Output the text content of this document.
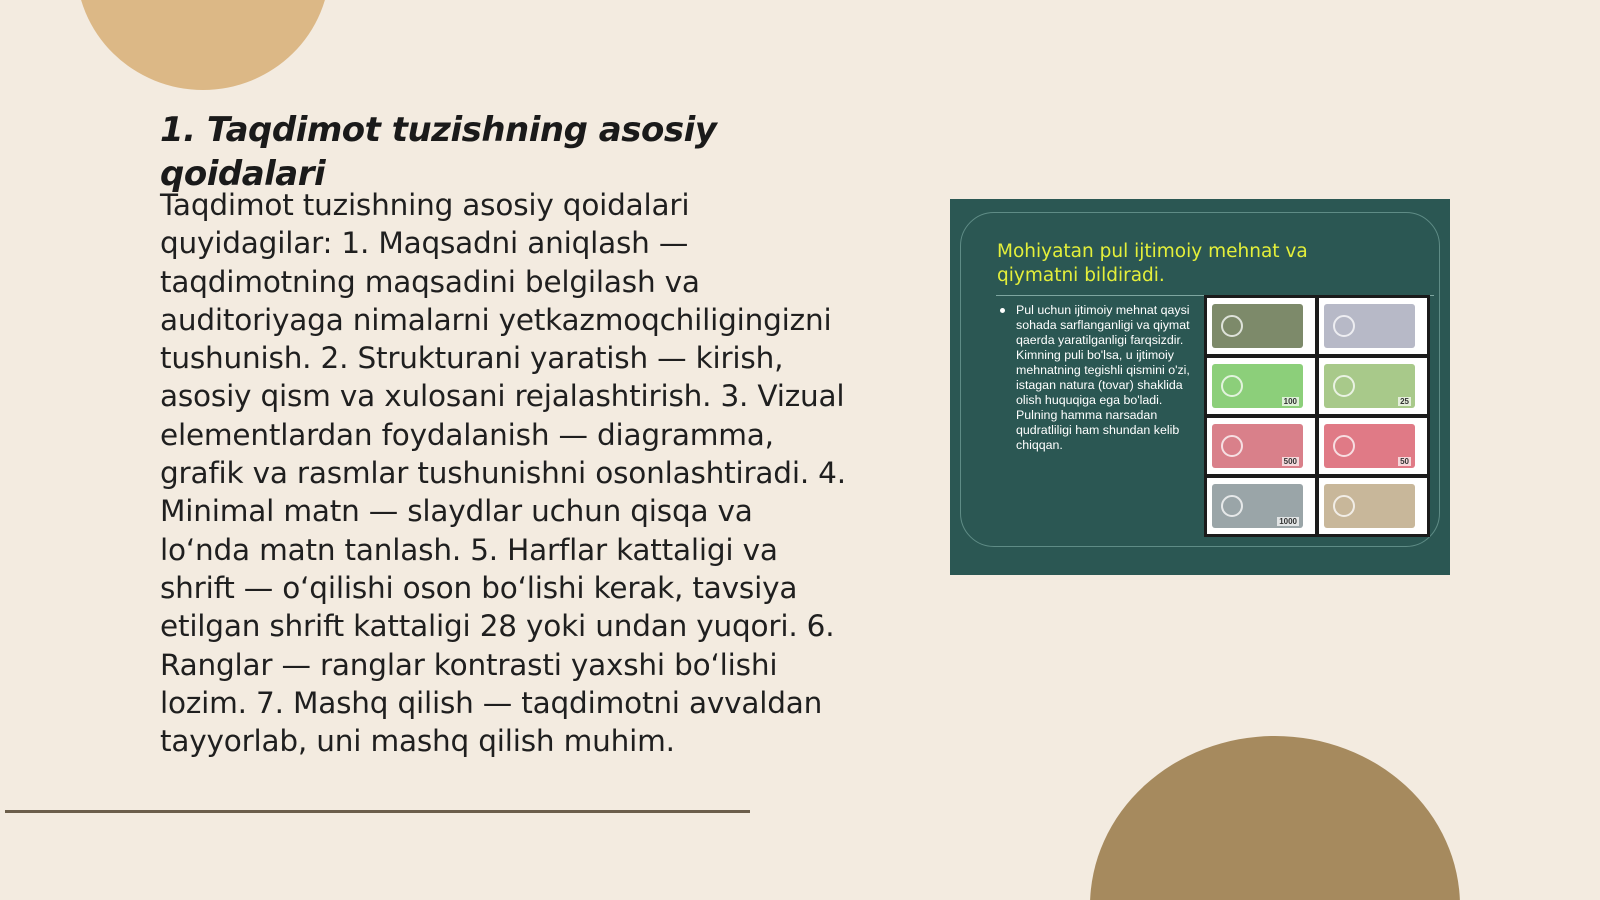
1. Taqdimot tuzishning asosiy qoidalari

Taqdimot tuzishning asosiy qoidalari quyidagilar: 1. Maqsadni aniqlash — taqdimotning maqsadini belgilash va auditoriyaga nimalarni yetkazmoqchiligingizni tushunish. 2. Strukturani yaratish — kirish, asosiy qism va xulosani rejalashtirish. 3. Vizual elementlardan foydalanish — diagramma, grafik va rasmlar tushunishni osonlashtiradi. 4. Minimal matn — slaydlar uchun qisqa va lo‘nda matn tanlash. 5. Harflar kattaligi va shrift — o‘qilishi oson bo‘lishi kerak, tavsiya etilgan shrift kattaligi 28 yoki undan yuqori. 6. Ranglar — ranglar kontrasti yaxshi bo‘lishi lozim. 7. Mashq qilish — taqdimotni avvaldan tayyorlab, uni mashq qilish muhim.

Mohiyatan pul ijtimoiy mehnat va qiymatni bildiradi.

Pul uchun ijtimoiy mehnat qaysi sohada sarflanganligi va qiymat qaerda yaratilganligi farqsizdir. Kimning puli bo'lsa, u ijtimoiy mehnatning tegishli qismini o'zi, istagan natura (tovar) shaklida olish huquqiga ega bo'ladi. Pulning hamma narsadan qudratliligi ham shundan kelib chiqqan.

100	25
500	50
1000
